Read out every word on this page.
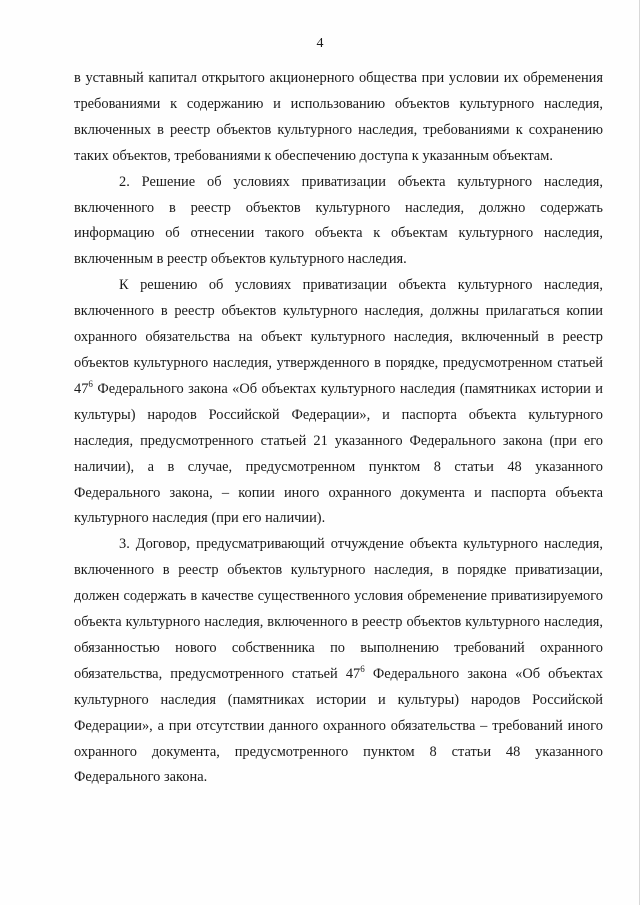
4

в уставный капитал открытого акционерного общества при условии их обременения требованиями к содержанию и использованию объектов культурного наследия, включенных в реестр объектов культурного наследия, требованиями к сохранению таких объектов, требованиями к обеспечению доступа к указанным объектам.

2. Решение об условиях приватизации объекта культурного наследия, включенного в реестр объектов культурного наследия, должно содержать информацию об отнесении такого объекта к объектам культурного наследия, включенным в реестр объектов культурного наследия.

К решению об условиях приватизации объекта культурного наследия, включенного в реестр объектов культурного наследия, должны прилагаться копии охранного обязательства на объект культурного наследия, включенный в реестр объектов культурного наследия, утвержденного в порядке, предусмотренном статьей $47^6$ Федерального закона «Об объектах культурного наследия (памятниках истории и культуры) народов Российской Федерации», и паспорта объекта культурного наследия, предусмотренного статьей 21 указанного Федерального закона (при его наличии), а в случае, предусмотренном пунктом 8 статьи 48 указанного Федерального закона, – копии иного охранного документа и паспорта объекта культурного наследия (при его наличии).

3. Договор, предусматривающий отчуждение объекта культурного наследия, включенного в реестр объектов культурного наследия, в порядке приватизации, должен содержать в качестве существенного условия обременение приватизируемого объекта культурного наследия, включенного в реестр объектов культурного наследия, обязанностью нового собственника по выполнению требований охранного обязательства, предусмотренного статьей $47^6$ Федерального закона «Об объектах культурного наследия (памятниках истории и культуры) народов Российской Федерации», а при отсутствии данного охранного обязательства – требований иного охранного документа, предусмотренного пунктом 8 статьи 48 указанного Федерального закона.
